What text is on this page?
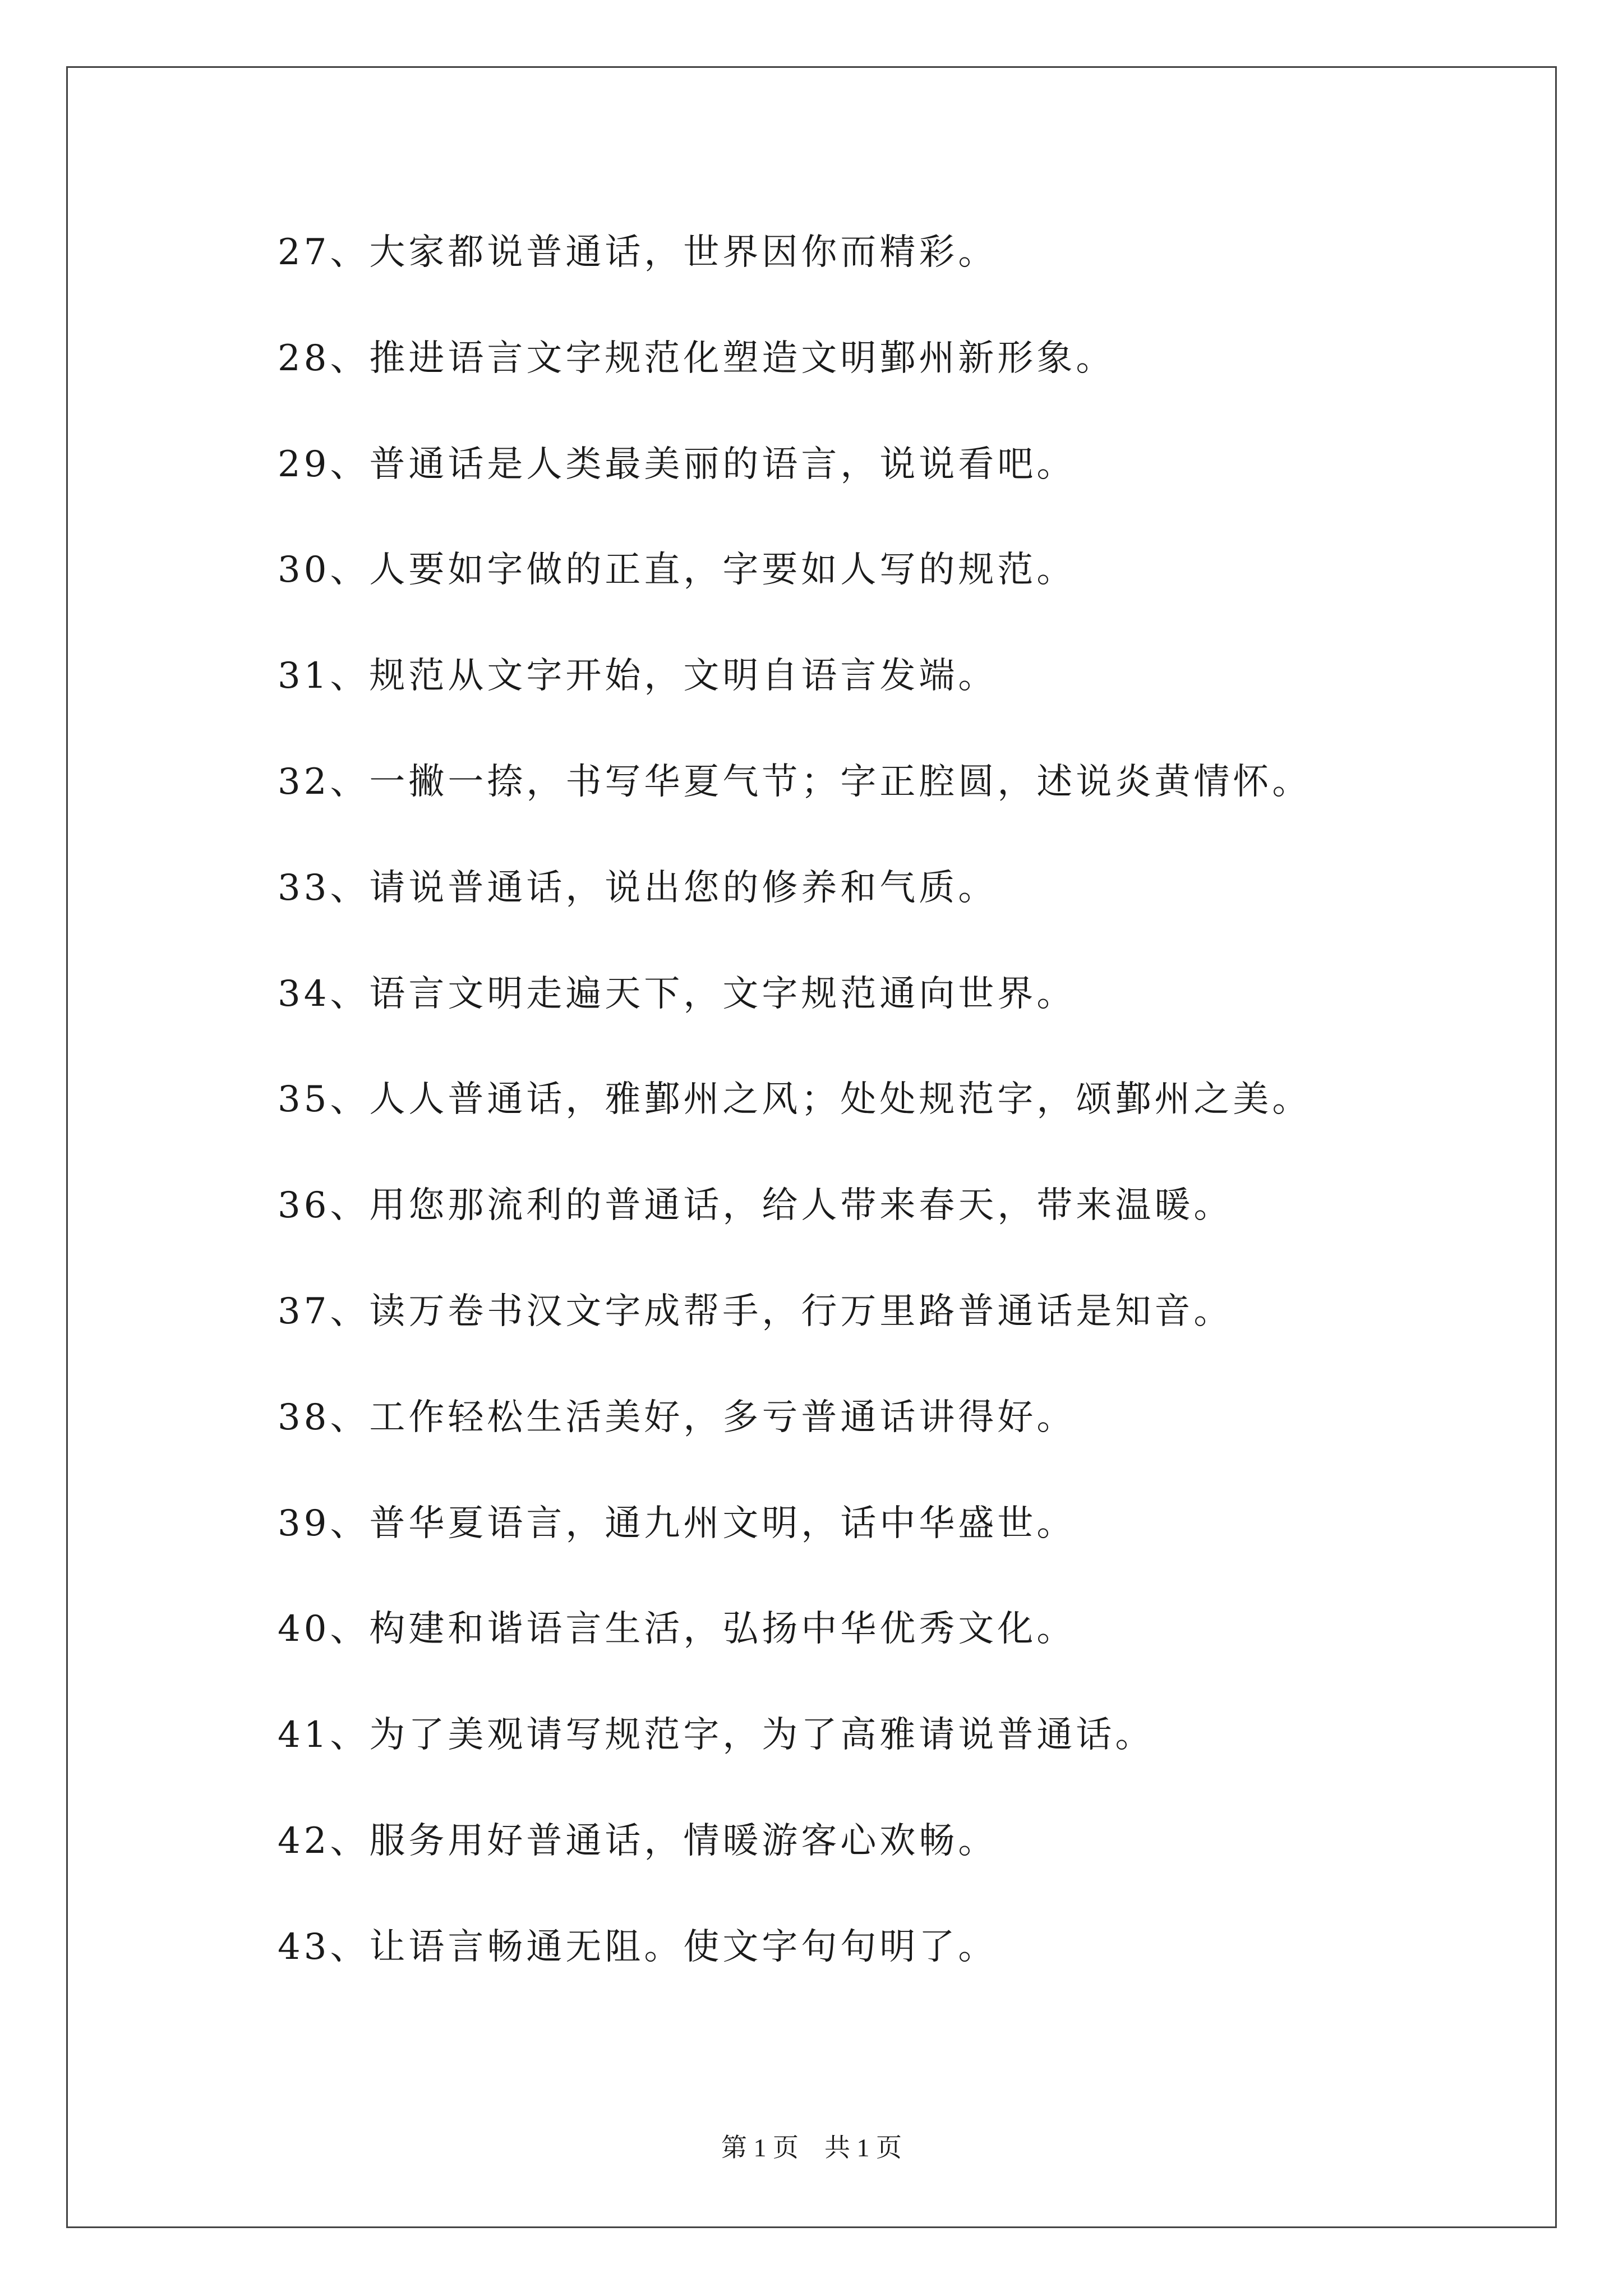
27、大家都说普通话，世界因你而精彩。
28、推进语言文字规范化塑造文明鄞州新形象。
29、普通话是人类最美丽的语言，说说看吧。
30、人要如字做的正直，字要如人写的规范。
31、规范从文字开始，文明自语言发端。
32、一撇一捺，书写华夏气节；字正腔圆，述说炎黄情怀。
33、请说普通话，说出您的修养和气质。
34、语言文明走遍天下，文字规范通向世界。
35、人人普通话，雅鄞州之风；处处规范字，颂鄞州之美。
36、用您那流利的普通话，给人带来春天，带来温暖。
37、读万卷书汉文字成帮手，行万里路普通话是知音。
38、工作轻松生活美好，多亏普通话讲得好。
39、普华夏语言，通九州文明，话中华盛世。
40、构建和谐语言生活，弘扬中华优秀文化。
41、为了美观请写规范字，为了高雅请说普通话。
42、服务用好普通话，情暖游客心欢畅。
43、让语言畅通无阻。使文字句句明了。
第 1 页　共 1 页
